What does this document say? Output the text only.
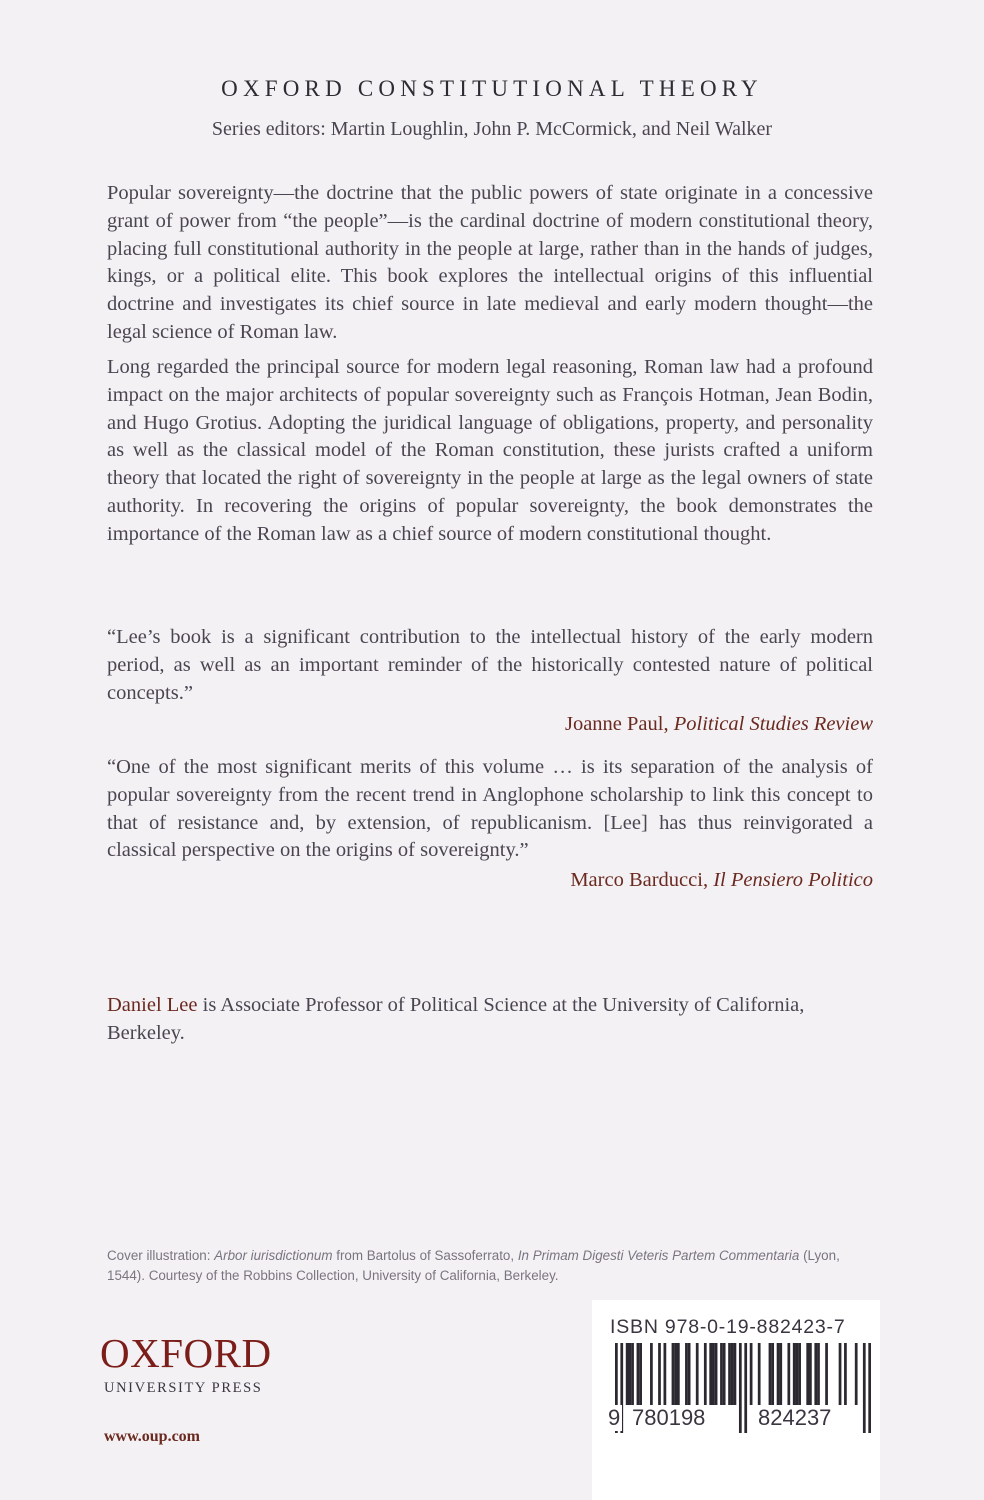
OXFORD CONSTITUTIONAL THEORY
Series editors: Martin Loughlin, John P. McCormick, and Neil Walker

Popular sovereignty—the doctrine that the public powers of state originate in a concessive grant of power from “the people”—is the cardinal doctrine of modern constitutional theory, placing full constitutional authority in the people at large, rather than in the hands of judges, kings, or a political elite. This book explores the intellectual origins of this influential doctrine and investigates its chief source in late medieval and early modern thought—the legal science of Roman law.

Long regarded the principal source for modern legal reasoning, Roman law had a profound impact on the major architects of popular sovereignty such as François Hotman, Jean Bodin, and Hugo Grotius. Adopting the juridical language of obligations, property, and personality as well as the classical model of the Roman constitution, these jurists crafted a uniform theory that located the right of sovereignty in the people at large as the legal owners of state authority. In recovering the origins of popular sovereignty, the book demonstrates the importance of the Roman law as a chief source of modern constitutional thought.

“Lee’s book is a significant contribution to the intellectual history of the early modern period, as well as an important reminder of the historically contested nature of political concepts.”

Joanne Paul, Political Studies Review

“One of the most significant merits of this volume … is its separation of the analysis of popular sovereignty from the recent trend in Anglophone scholarship to link this concept to that of resistance and, by extension, of republicanism. [Lee] has thus reinvigorated a classical perspective on the origins of sovereignty.”

Marco Barducci, Il Pensiero Politico

Daniel Lee is Associate Professor of Political Science at the University of California, Berkeley.

Cover illustration: Arbor iurisdictionum from Bartolus of Sassoferrato, In Primam Digesti Veteris Partem Commentaria (Lyon, 1544). Courtesy of the Robbins Collection, University of California, Berkeley.

OXFORD
UNIVERSITY PRESS
www.oup.com
ISBN 978-0-19-882423-7
9 780198 824237
